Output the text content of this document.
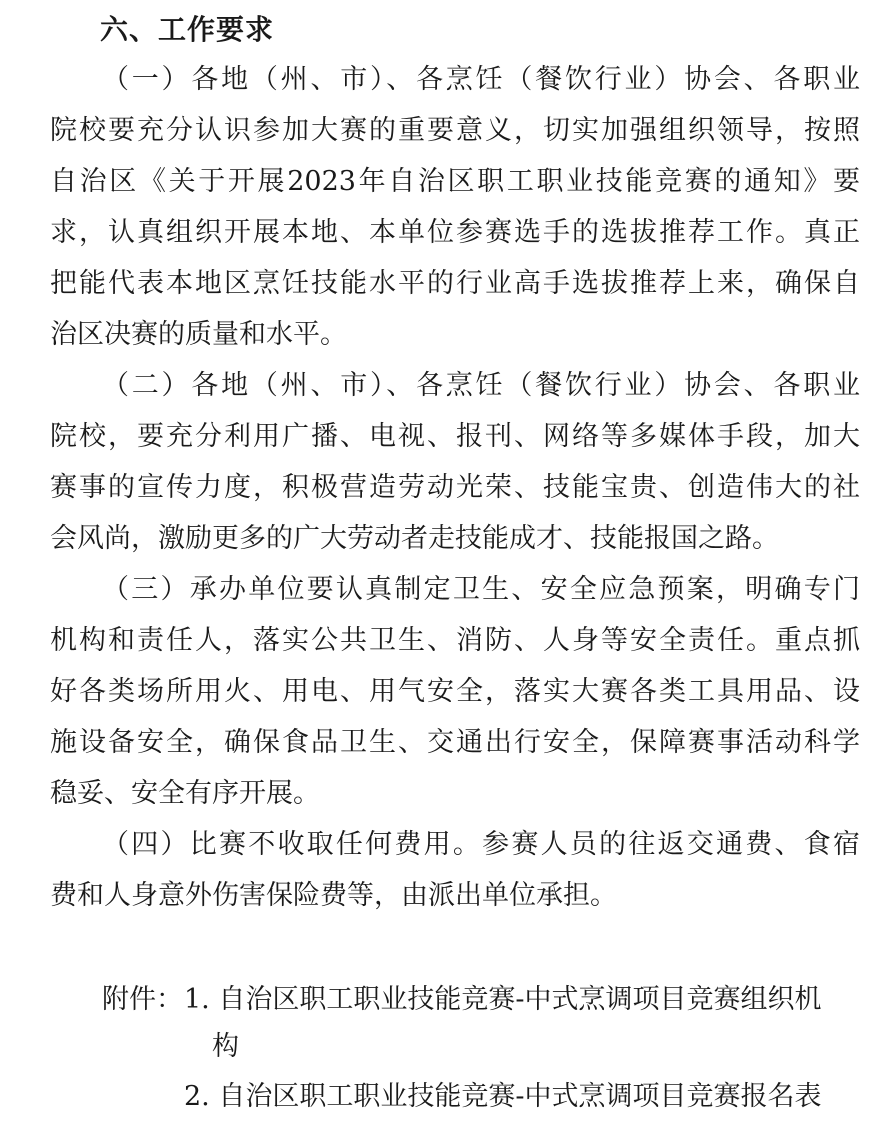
六、工作要求
（一）各地（州、市）、各烹饪（餐饮行业）协会、各职业
院校要充分认识参加大赛的重要意义，切实加强组织领导，按照
自治区《关于开展2023年自治区职工职业技能竞赛的通知》要
求，认真组织开展本地、本单位参赛选手的选拔推荐工作。真正
把能代表本地区烹饪技能水平的行业高手选拔推荐上来，确保自
治区决赛的质量和水平。
（二）各地（州、市）、各烹饪（餐饮行业）协会、各职业
院校，要充分利用广播、电视、报刊、网络等多媒体手段，加大
赛事的宣传力度，积极营造劳动光荣、技能宝贵、创造伟大的社
会风尚，激励更多的广大劳动者走技能成才、技能报国之路。
（三）承办单位要认真制定卫生、安全应急预案，明确专门
机构和责任人，落实公共卫生、消防、人身等安全责任。重点抓
好各类场所用火、用电、用气安全，落实大赛各类工具用品、设
施设备安全，确保食品卫生、交通出行安全，保障赛事活动科学
稳妥、安全有序开展。
（四）比赛不收取任何费用。参赛人员的往返交通费、食宿
费和人身意外伤害保险费等，由派出单位承担。
附件： 1. 自治区职工职业技能竞赛-中式烹调项目竞赛组织机
构
2. 自治区职工职业技能竞赛-中式烹调项目竞赛报名表
